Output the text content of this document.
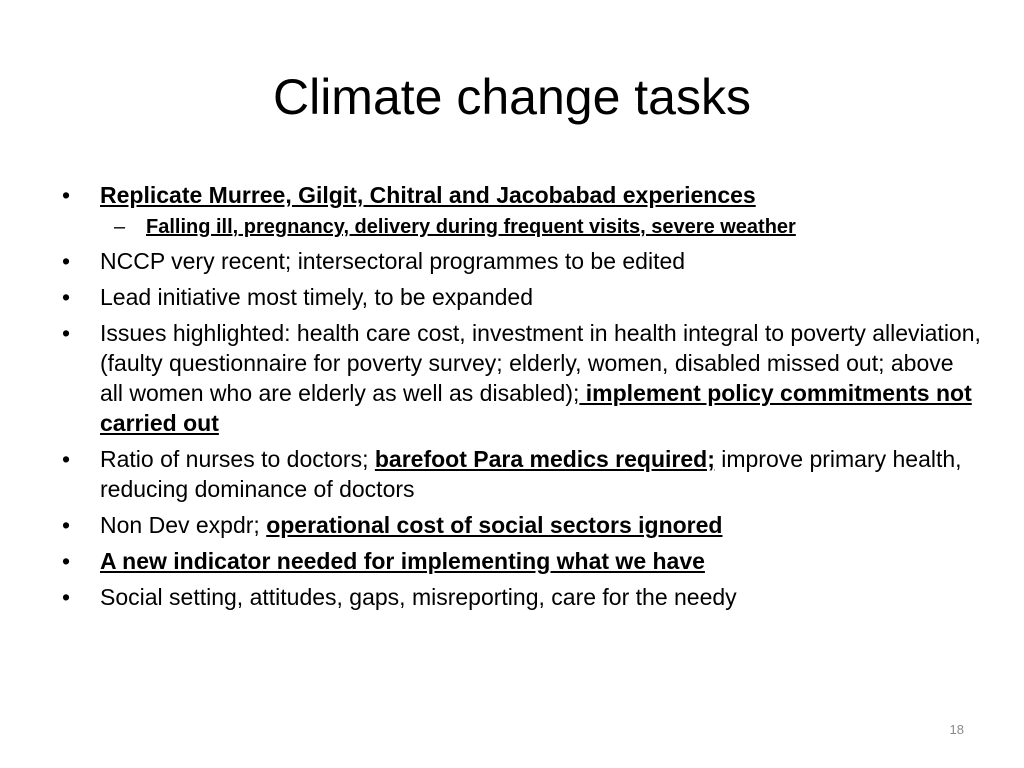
Climate change tasks
•	Replicate Murree, Gilgit, Chitral and Jacobabad experiences
– Falling ill, pregnancy, delivery during frequent visits, severe weather
•	NCCP very recent; intersectoral programmes to be edited
•	Lead initiative most timely, to be expanded
•	Issues highlighted: health care cost, investment in health integral to poverty alleviation, (faulty questionnaire for poverty survey; elderly, women, disabled missed out; above all women who are elderly as well as disabled); implement policy commitments not carried out
•	Ratio of nurses to doctors; barefoot Para medics required; improve primary health, reducing dominance of doctors
•	Non Dev expdr; operational cost of social sectors ignored
•	A new indicator needed for implementing what we have
•	Social setting, attitudes, gaps, misreporting, care for the needy
18
